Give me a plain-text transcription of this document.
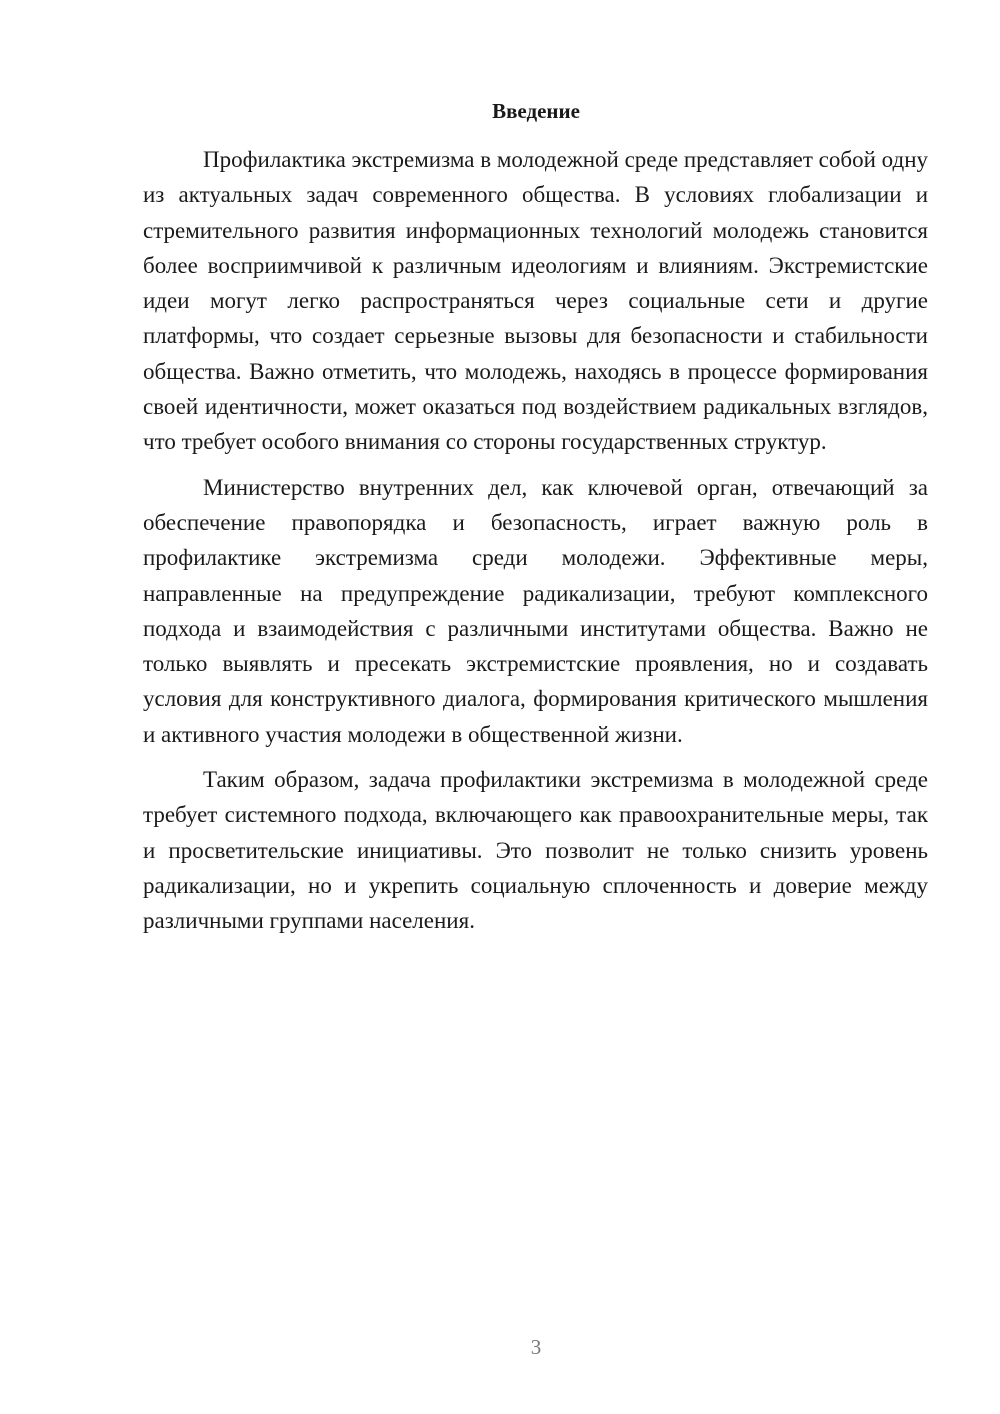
Введение

Профилактика экстремизма в молодежной среде представляет собой одну из актуальных задач современного общества. В условиях глобализации и стремительного развития информационных технологий молодежь становится более восприимчивой к различным идеологиям и влияниям. Экстремистские идеи могут легко распространяться через социальные сети и другие платформы, что создает серьезные вызовы для безопасности и стабильности общества. Важно отметить, что молодежь, находясь в процессе формирования своей идентичности, может оказаться под воздействием радикальных взглядов, что требует особого внимания со стороны государственных структур.

Министерство внутренних дел, как ключевой орган, отвечающий за обеспечение правопорядка и безопасность, играет важную роль в профилактике экстремизма среди молодежи. Эффективные меры, направленные на предупреждение радикализации, требуют комплексного подхода и взаимодействия с различными институтами общества. Важно не только выявлять и пресекать экстремистские проявления, но и создавать условия для конструктивного диалога, формирования критического мышления и активного участия молодежи в общественной жизни.

Таким образом, задача профилактики экстремизма в молодежной среде требует системного подхода, включающего как правоохранительные меры, так и просветительские инициативы. Это позволит не только снизить уровень радикализации, но и укрепить социальную сплоченность и доверие между различными группами населения.

3
